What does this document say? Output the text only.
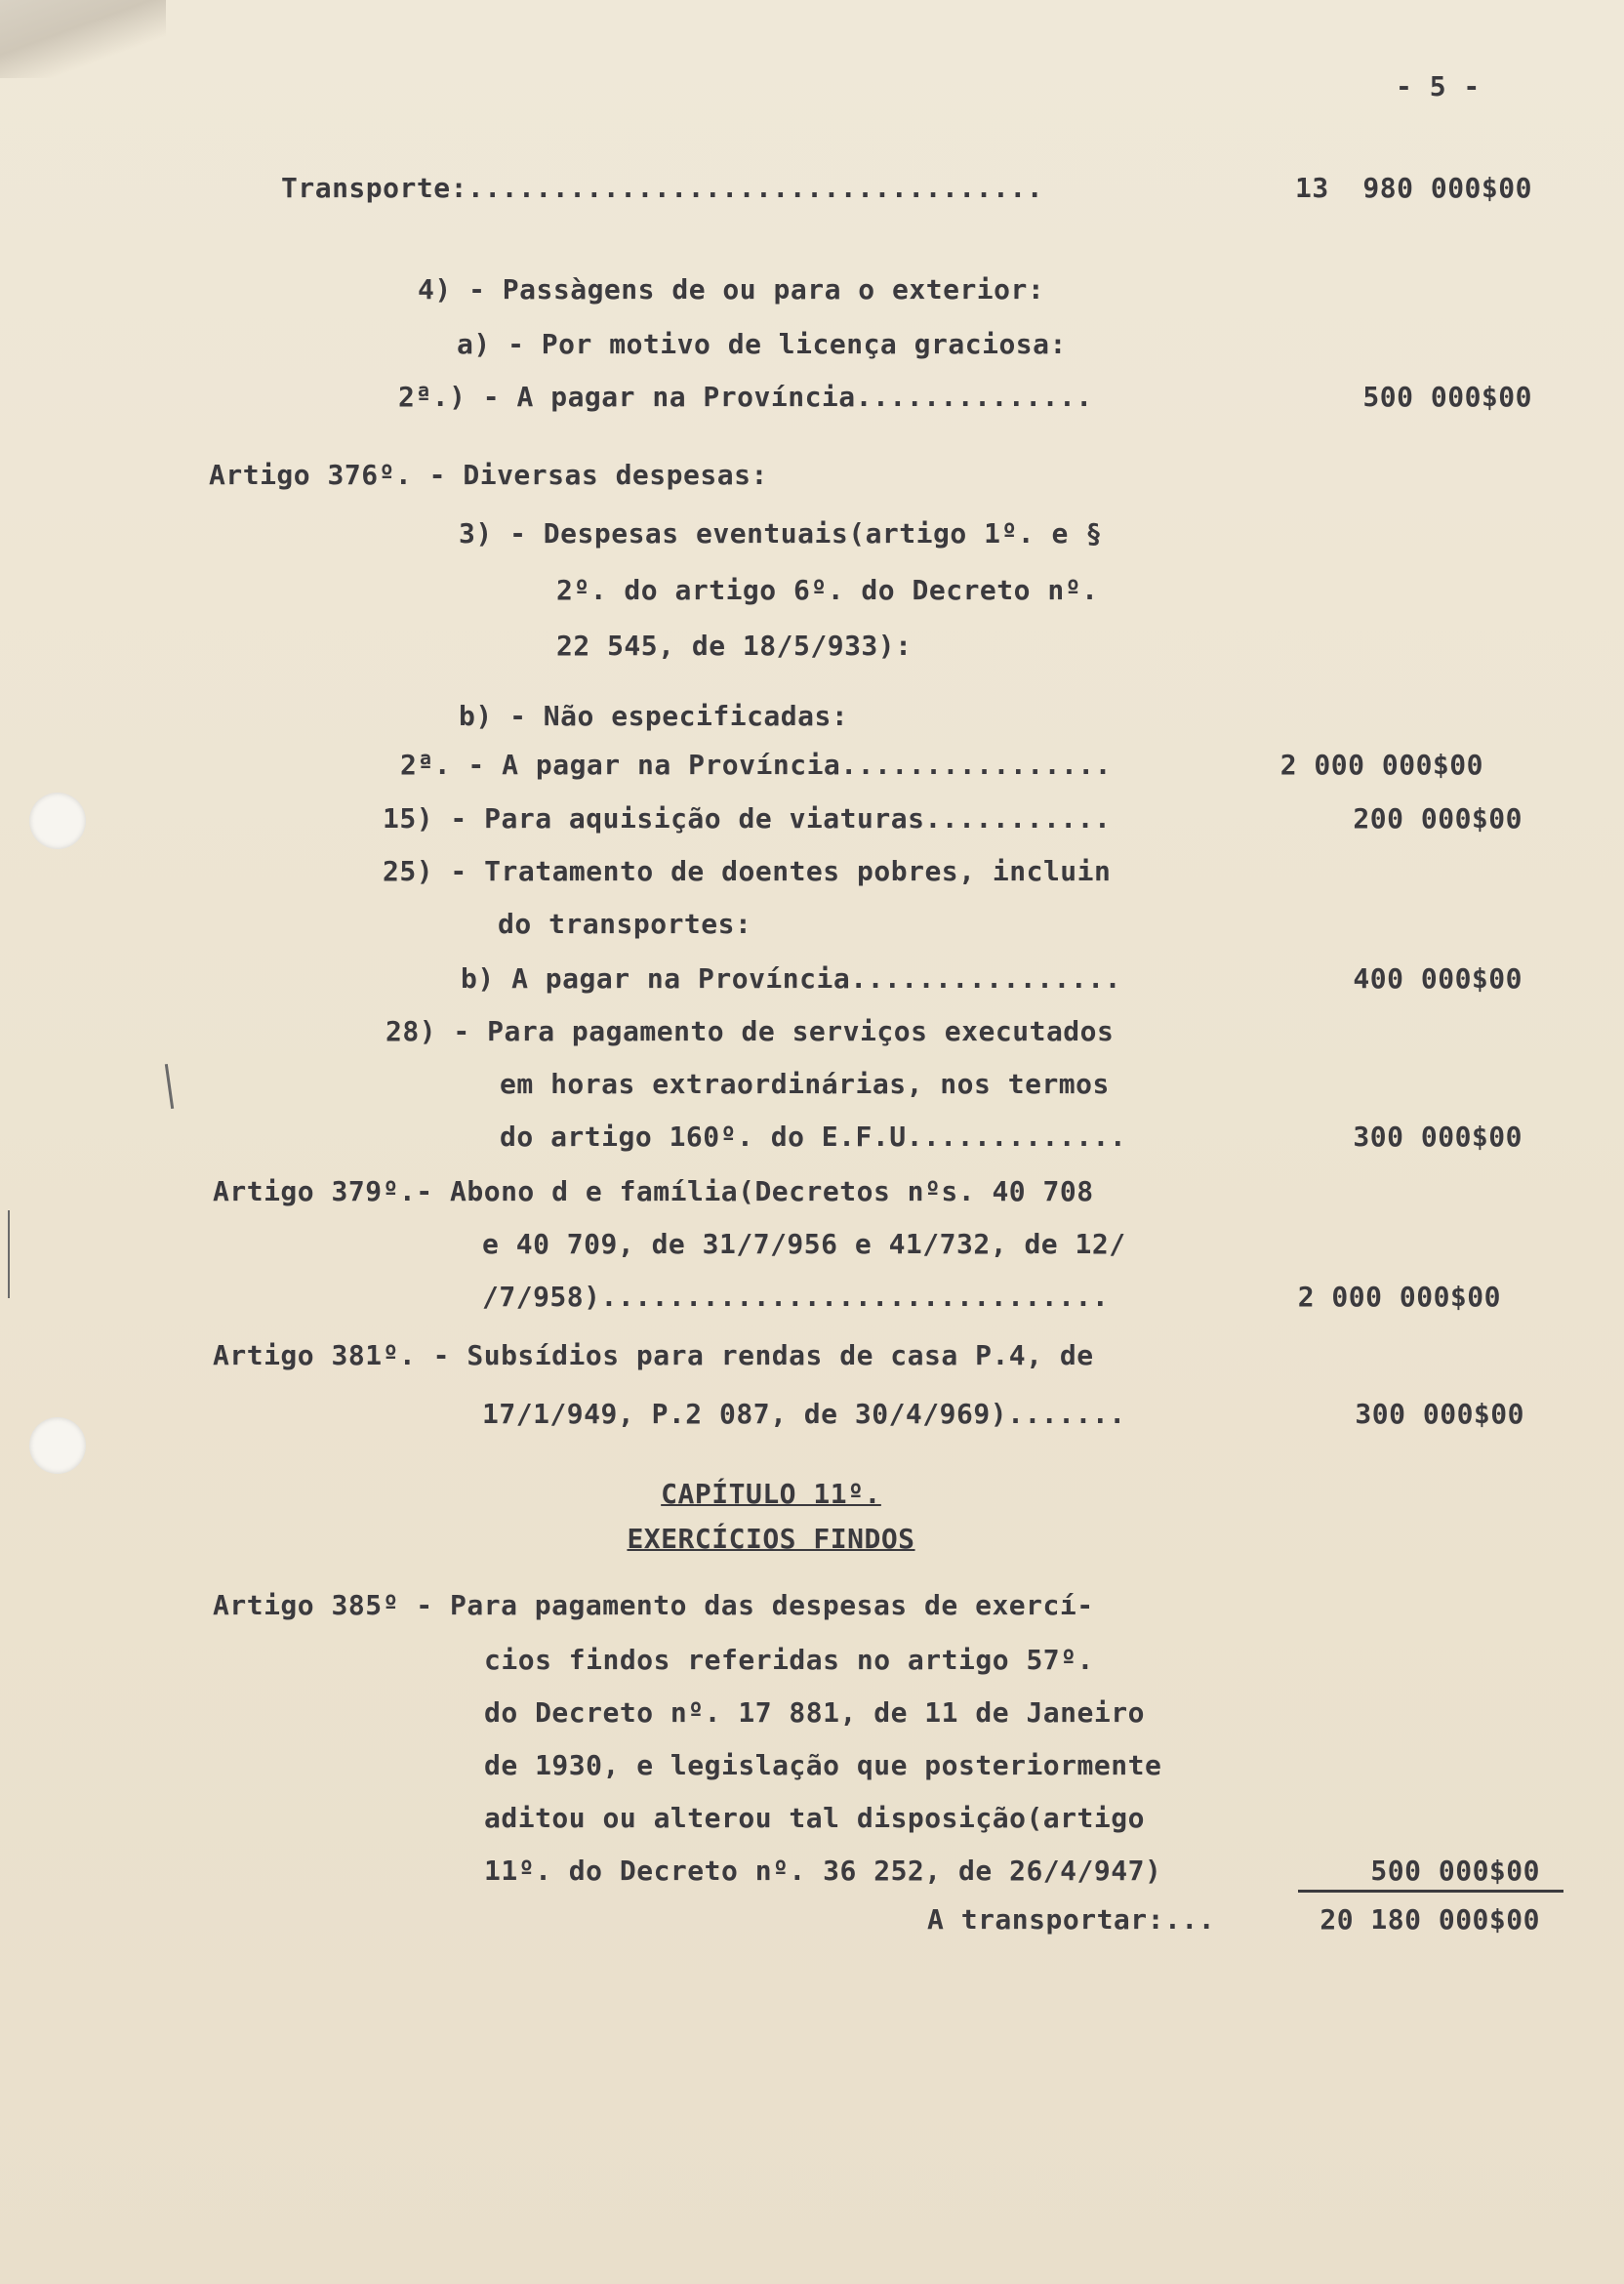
- 5 -
Transporte:..................................	13  980 000$00
4) - Passàgens de ou para o exterior:
a) - Por motivo de licença graciosa:
2ª.) - A pagar na Província..............	500 000$00
Artigo 376º. - Diversas despesas:
3) - Despesas eventuais(artigo 1º. e §
2º. do artigo 6º. do Decreto nº.
22 545, de 18/5/933):
b) - Não especificadas:
2ª. - A pagar na Província................	2 000 000$00
15) - Para aquisição de viaturas...........	200 000$00
25) - Tratamento de doentes pobres, incluin
do transportes:
b) A pagar na Província................	400 000$00
28) - Para pagamento de serviços executados
em horas extraordinárias, nos termos
do artigo 160º. do E.F.U.............	300 000$00
Artigo 379º.- Abono d e família(Decretos nºs. 40 708
e 40 709, de 31/7/956 e 41/732, de 12/
/7/958)..............................	2 000 000$00
Artigo 381º. - Subsídios para rendas de casa P.4, de
17/1/949, P.2 087, de 30/4/969).......	300 000$00
CAPÍTULO 11º.
EXERCÍCIOS FINDOS
Artigo 385º - Para pagamento das despesas de exercí-
cios findos referidas no artigo 57º.
do Decreto nº. 17 881, de 11 de Janeiro
de 1930, e legislação que posteriormente
aditou ou alterou tal disposição(artigo
11º. do Decreto nº. 36 252, de 26/4/947)	500 000$00
A transportar:...	20 180 000$00
